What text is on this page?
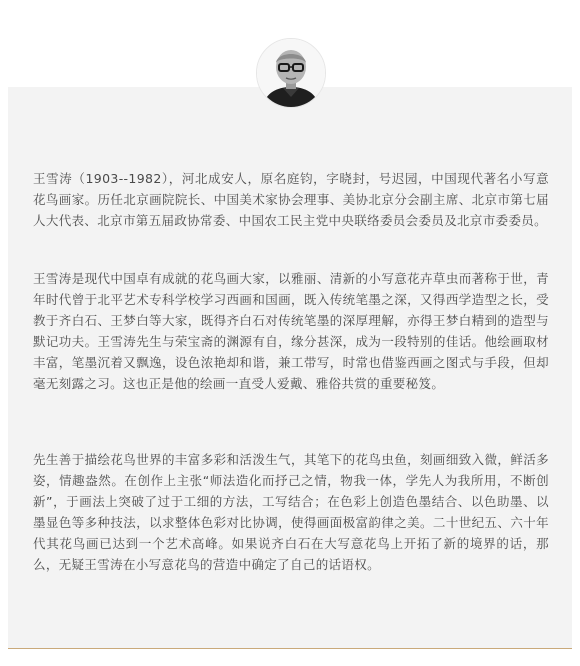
王雪涛（1903--1982），河北成安人，原名庭钧，字晓封，号迟园，中国现代著名小写意花鸟画家。历任北京画院院长、中国美术家协会理事、美协北京分会副主席、北京市第七届人大代表、北京市第五届政协常委、中国农工民主党中央联络委员会委员及北京市委委员。
王雪涛是现代中国卓有成就的花鸟画大家，以雅丽、清新的小写意花卉草虫而著称于世，青年时代曾于北平艺术专科学校学习西画和国画，既入传统笔墨之深，又得西学造型之长，受教于齐白石、王梦白等大家，既得齐白石对传统笔墨的深厚理解，亦得王梦白精到的造型与默记功夫。王雪涛先生与荣宝斋的渊源有自，缘分甚深，成为一段特别的佳话。他绘画取材丰富，笔墨沉着又飘逸，设色浓艳却和谐，兼工带写，时常也借鉴西画之图式与手段，但却毫无刻露之习。这也正是他的绘画一直受人爱戴、雅俗共赏的重要秘笈。
先生善于描绘花鸟世界的丰富多彩和活泼生气，其笔下的花鸟虫鱼，刻画细致入微，鲜活多姿，情趣盎然。在创作上主张“师法造化而抒己之情，物我一体，学先人为我所用，不断创新”，于画法上突破了过于工细的方法，工写结合；在色彩上创造色墨结合、以色助墨、以墨显色等多种技法，以求整体色彩对比协调，使得画面极富韵律之美。二十世纪五、六十年代其花鸟画已达到一个艺术高峰。如果说齐白石在大写意花鸟上开拓了新的境界的话，那么，无疑王雪涛在小写意花鸟的营造中确定了自己的话语权。
